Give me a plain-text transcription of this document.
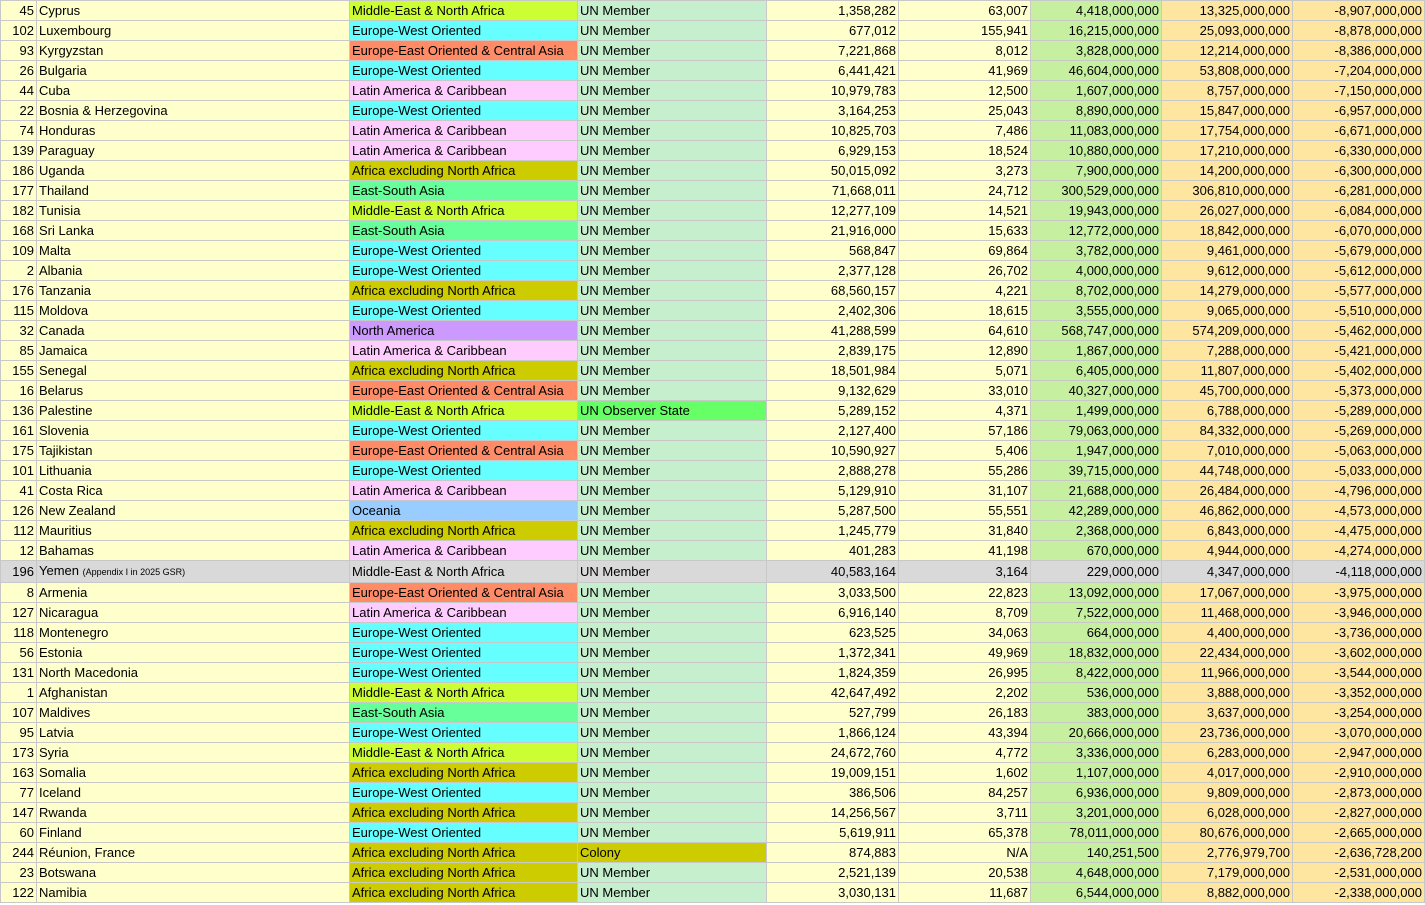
45	Cyprus	Middle-East & North Africa	UN Member	1,358,282	63,007	4,418,000,000	13,325,000,000	-8,907,000,000
102	Luxembourg	Europe-West Oriented	UN Member	677,012	155,941	16,215,000,000	25,093,000,000	-8,878,000,000
93	Kyrgyzstan	Europe-East Oriented & Central Asia	UN Member	7,221,868	8,012	3,828,000,000	12,214,000,000	-8,386,000,000
26	Bulgaria	Europe-West Oriented	UN Member	6,441,421	41,969	46,604,000,000	53,808,000,000	-7,204,000,000
44	Cuba	Latin America & Caribbean	UN Member	10,979,783	12,500	1,607,000,000	8,757,000,000	-7,150,000,000
22	Bosnia & Herzegovina	Europe-West Oriented	UN Member	3,164,253	25,043	8,890,000,000	15,847,000,000	-6,957,000,000
74	Honduras	Latin America & Caribbean	UN Member	10,825,703	7,486	11,083,000,000	17,754,000,000	-6,671,000,000
139	Paraguay	Latin America & Caribbean	UN Member	6,929,153	18,524	10,880,000,000	17,210,000,000	-6,330,000,000
186	Uganda	Africa excluding North Africa	UN Member	50,015,092	3,273	7,900,000,000	14,200,000,000	-6,300,000,000
177	Thailand	East-South Asia	UN Member	71,668,011	24,712	300,529,000,000	306,810,000,000	-6,281,000,000
182	Tunisia	Middle-East & North Africa	UN Member	12,277,109	14,521	19,943,000,000	26,027,000,000	-6,084,000,000
168	Sri Lanka	East-South Asia	UN Member	21,916,000	15,633	12,772,000,000	18,842,000,000	-6,070,000,000
109	Malta	Europe-West Oriented	UN Member	568,847	69,864	3,782,000,000	9,461,000,000	-5,679,000,000
2	Albania	Europe-West Oriented	UN Member	2,377,128	26,702	4,000,000,000	9,612,000,000	-5,612,000,000
176	Tanzania	Africa excluding North Africa	UN Member	68,560,157	4,221	8,702,000,000	14,279,000,000	-5,577,000,000
115	Moldova	Europe-West Oriented	UN Member	2,402,306	18,615	3,555,000,000	9,065,000,000	-5,510,000,000
32	Canada	North America	UN Member	41,288,599	64,610	568,747,000,000	574,209,000,000	-5,462,000,000
85	Jamaica	Latin America & Caribbean	UN Member	2,839,175	12,890	1,867,000,000	7,288,000,000	-5,421,000,000
155	Senegal	Africa excluding North Africa	UN Member	18,501,984	5,071	6,405,000,000	11,807,000,000	-5,402,000,000
16	Belarus	Europe-East Oriented & Central Asia	UN Member	9,132,629	33,010	40,327,000,000	45,700,000,000	-5,373,000,000
136	Palestine	Middle-East & North Africa	UN Observer State	5,289,152	4,371	1,499,000,000	6,788,000,000	-5,289,000,000
161	Slovenia	Europe-West Oriented	UN Member	2,127,400	57,186	79,063,000,000	84,332,000,000	-5,269,000,000
175	Tajikistan	Europe-East Oriented & Central Asia	UN Member	10,590,927	5,406	1,947,000,000	7,010,000,000	-5,063,000,000
101	Lithuania	Europe-West Oriented	UN Member	2,888,278	55,286	39,715,000,000	44,748,000,000	-5,033,000,000
41	Costa Rica	Latin America & Caribbean	UN Member	5,129,910	31,107	21,688,000,000	26,484,000,000	-4,796,000,000
126	New Zealand	Oceania	UN Member	5,287,500	55,551	42,289,000,000	46,862,000,000	-4,573,000,000
112	Mauritius	Africa excluding North Africa	UN Member	1,245,779	31,840	2,368,000,000	6,843,000,000	-4,475,000,000
12	Bahamas	Latin America & Caribbean	UN Member	401,283	41,198	670,000,000	4,944,000,000	-4,274,000,000
196	Yemen (Appendix I in 2025 GSR)	Middle-East & North Africa	UN Member	40,583,164	3,164	229,000,000	4,347,000,000	-4,118,000,000
8	Armenia	Europe-East Oriented & Central Asia	UN Member	3,033,500	22,823	13,092,000,000	17,067,000,000	-3,975,000,000
127	Nicaragua	Latin America & Caribbean	UN Member	6,916,140	8,709	7,522,000,000	11,468,000,000	-3,946,000,000
118	Montenegro	Europe-West Oriented	UN Member	623,525	34,063	664,000,000	4,400,000,000	-3,736,000,000
56	Estonia	Europe-West Oriented	UN Member	1,372,341	49,969	18,832,000,000	22,434,000,000	-3,602,000,000
131	North Macedonia	Europe-West Oriented	UN Member	1,824,359	26,995	8,422,000,000	11,966,000,000	-3,544,000,000
1	Afghanistan	Middle-East & North Africa	UN Member	42,647,492	2,202	536,000,000	3,888,000,000	-3,352,000,000
107	Maldives	East-South Asia	UN Member	527,799	26,183	383,000,000	3,637,000,000	-3,254,000,000
95	Latvia	Europe-West Oriented	UN Member	1,866,124	43,394	20,666,000,000	23,736,000,000	-3,070,000,000
173	Syria	Middle-East & North Africa	UN Member	24,672,760	4,772	3,336,000,000	6,283,000,000	-2,947,000,000
163	Somalia	Africa excluding North Africa	UN Member	19,009,151	1,602	1,107,000,000	4,017,000,000	-2,910,000,000
77	Iceland	Europe-West Oriented	UN Member	386,506	84,257	6,936,000,000	9,809,000,000	-2,873,000,000
147	Rwanda	Africa excluding North Africa	UN Member	14,256,567	3,711	3,201,000,000	6,028,000,000	-2,827,000,000
60	Finland	Europe-West Oriented	UN Member	5,619,911	65,378	78,011,000,000	80,676,000,000	-2,665,000,000
244	Réunion, France	Africa excluding North Africa	Colony	874,883	N/A	140,251,500	2,776,979,700	-2,636,728,200
23	Botswana	Africa excluding North Africa	UN Member	2,521,139	20,538	4,648,000,000	7,179,000,000	-2,531,000,000
122	Namibia	Africa excluding North Africa	UN Member	3,030,131	11,687	6,544,000,000	8,882,000,000	-2,338,000,000
